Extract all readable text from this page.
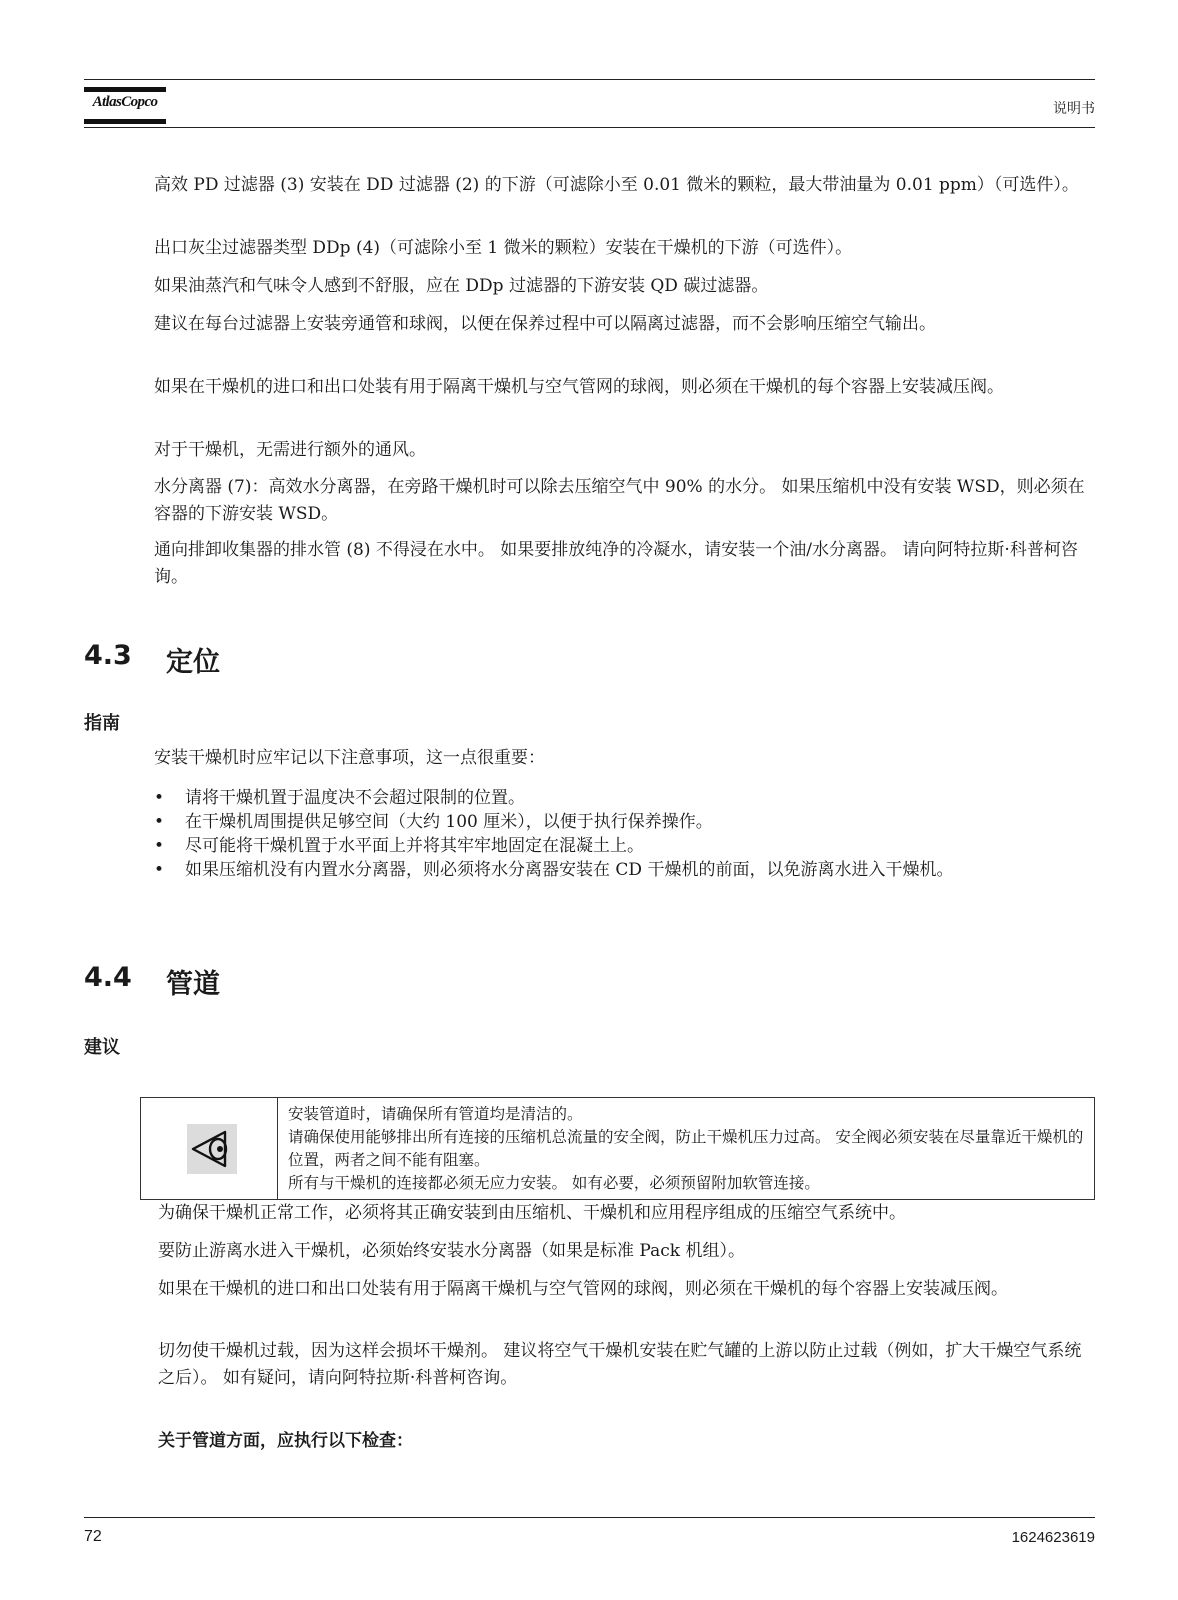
AtlasCopco	说明书

高效 PD 过滤器 (3) 安装在 DD 过滤器 (2) 的下游（可滤除小至 0.01 微米的颗粒，最大带油量为 0.01 ppm）（可选件）。

出口灰尘过滤器类型 DDp (4)（可滤除小至 1 微米的颗粒）安装在干燥机的下游（可选件）。

如果油蒸汽和气味令人感到不舒服，应在 DDp 过滤器的下游安装 QD 碳过滤器。

建议在每台过滤器上安装旁通管和球阀，以便在保养过程中可以隔离过滤器，而不会影响压缩空气输出。

如果在干燥机的进口和出口处装有用于隔离干燥机与空气管网的球阀，则必须在干燥机的每个容器上安装减压阀。

对于干燥机，无需进行额外的通风。

水分离器 (7)：高效水分离器，在旁路干燥机时可以除去压缩空气中 90% 的水分。 如果压缩机中没有安装 WSD，则必须在容器的下游安装 WSD。

通向排卸收集器的排水管 (8) 不得浸在水中。 如果要排放纯净的冷凝水，请安装一个油/水分离器。 请向阿特拉斯·科普柯咨询。

4.3 定位
指南

安装干燥机时应牢记以下注意事项，这一点很重要：

• 请将干燥机置于温度决不会超过限制的位置。
• 在干燥机周围提供足够空间（大约 100 厘米），以便于执行保养操作。
• 尽可能将干燥机置于水平面上并将其牢牢地固定在混凝土上。
• 如果压缩机没有内置水分离器，则必须将水分离器安装在 CD 干燥机的前面，以免游离水进入干燥机。
4.4 管道
建议

安装管道时，请确保所有管道均是清洁的。
请确保使用能够排出所有连接的压缩机总流量的安全阀，防止干燥机压力过高。 安全阀必须安装在尽量靠近干燥机的位置，两者之间不能有阻塞。
所有与干燥机的连接都必须无应力安装。 如有必要，必须预留附加软管连接。

为确保干燥机正常工作，必须将其正确安装到由压缩机、干燥机和应用程序组成的压缩空气系统中。

要防止游离水进入干燥机，必须始终安装水分离器（如果是标准 Pack 机组）。

如果在干燥机的进口和出口处装有用于隔离干燥机与空气管网的球阀，则必须在干燥机的每个容器上安装减压阀。

切勿使干燥机过载，因为这样会损坏干燥剂。 建议将空气干燥机安装在贮气罐的上游以防止过载（例如，扩大干燥空气系统之后）。 如有疑问，请向阿特拉斯·科普柯咨询。

关于管道方面，应执行以下检查：
72	1624623619
